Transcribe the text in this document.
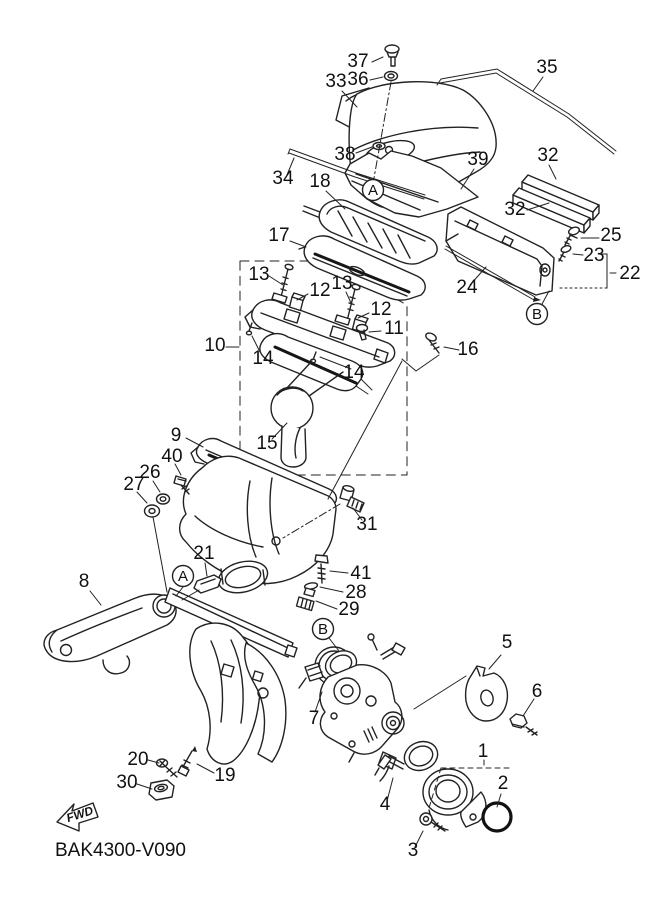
A
B
A
B
37
36
33
35
38
34
39	32
32
25
23
22
24
18
17
13
12 13
12
11
10	16
14
14
15
9
40
26
27
31
21
8	41
28
29
7
20
19
30
5
6
1
2
3
4
FWD
BAK4300-V090
